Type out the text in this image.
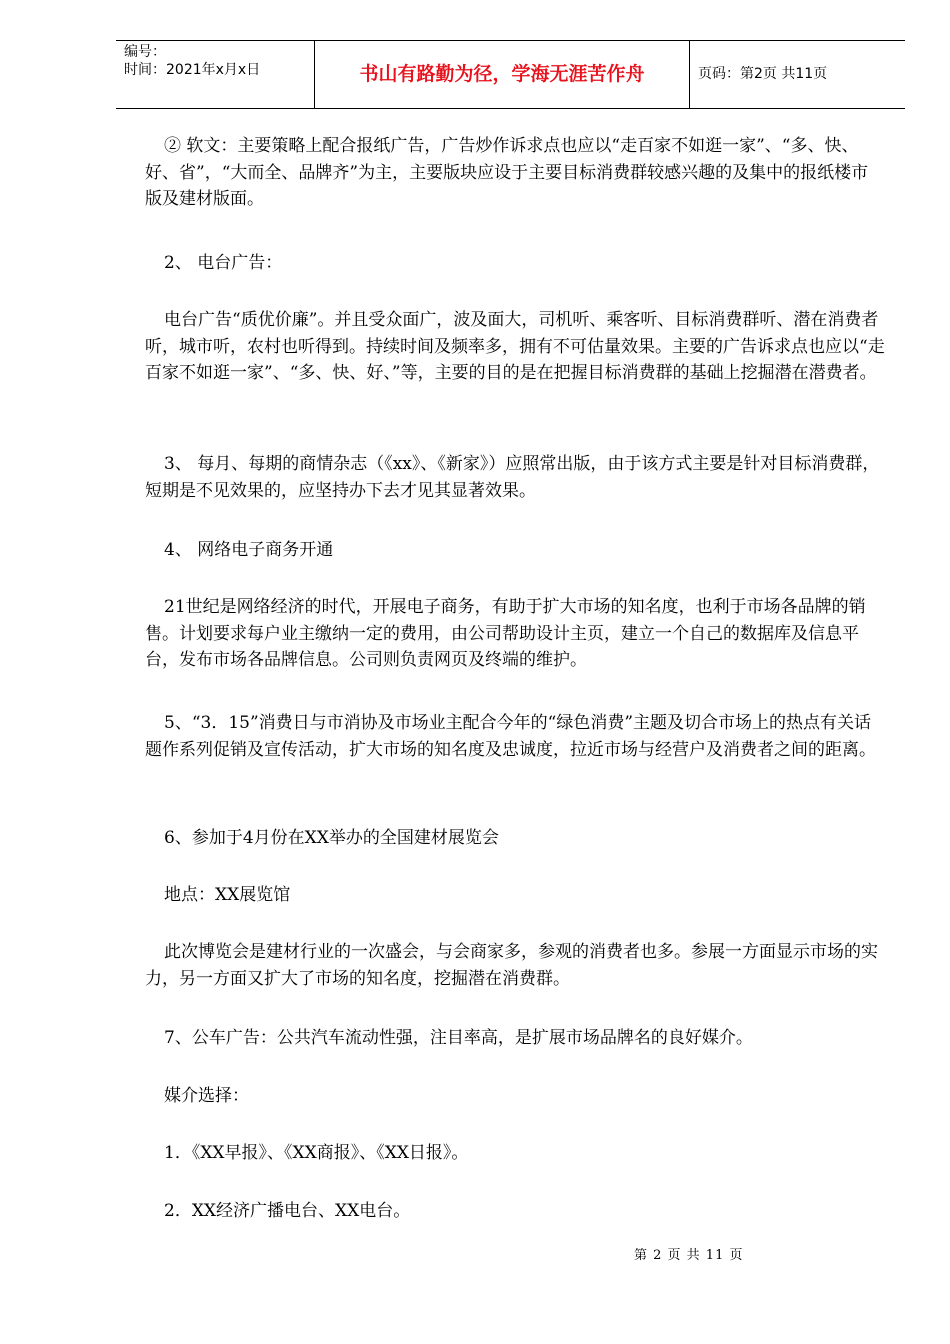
编号：
时间：2021年x月x日	书山有路勤为径，学海无涯苦作舟	页码：第2页 共11页

② 软文：主要策略上配合报纸广告，广告炒作诉求点也应以“走百家不如逛一家”、“多、快、好、省”，“大而全、品牌齐”为主，主要版块应设于主要目标消费群较感兴趣的及集中的报纸楼市版及建材版面。

2、 电台广告：

电台广告“质优价廉”。并且受众面广，波及面大，司机听、乘客听、目标消费群听、潜在消费者听，城市听，农村也听得到。持续时间及频率多，拥有不可估量效果。主要的广告诉求点也应以“走百家不如逛一家”、“多、快、好、”等，主要的目的是在把握目标消费群的基础上挖掘潜在潜费者。

3、 每月、每期的商情杂志（《xx》、《新家》）应照常出版，由于该方式主要是针对目标消费群，短期是不见效果的，应坚持办下去才见其显著效果。

4、 网络电子商务开通

21世纪是网络经济的时代，开展电子商务，有助于扩大市场的知名度，也利于市场各品牌的销售。计划要求每户业主缴纳一定的费用，由公司帮助设计主页，建立一个自己的数据库及信息平台，发布市场各品牌信息。公司则负责网页及终端的维护。

5、“3．15”消费日与市消协及市场业主配合今年的“绿色消费”主题及切合市场上的热点有关话题作系列促销及宣传活动，扩大市场的知名度及忠诚度，拉近市场与经营户及消费者之间的距离。

6、参加于4月份在XX举办的全国建材展览会

地点：XX展览馆

此次博览会是建材行业的一次盛会，与会商家多，参观的消费者也多。参展一方面显示市场的实力，另一方面又扩大了市场的知名度，挖掘潜在消费群。

7、公车广告：公共汽车流动性强，注目率高，是扩展市场品牌名的良好媒介。

媒介选择：

1．《XX早报》、《XX商报》、《XX日报》。

2．XX经济广播电台、XX电台。

第 2 页 共 11 页
